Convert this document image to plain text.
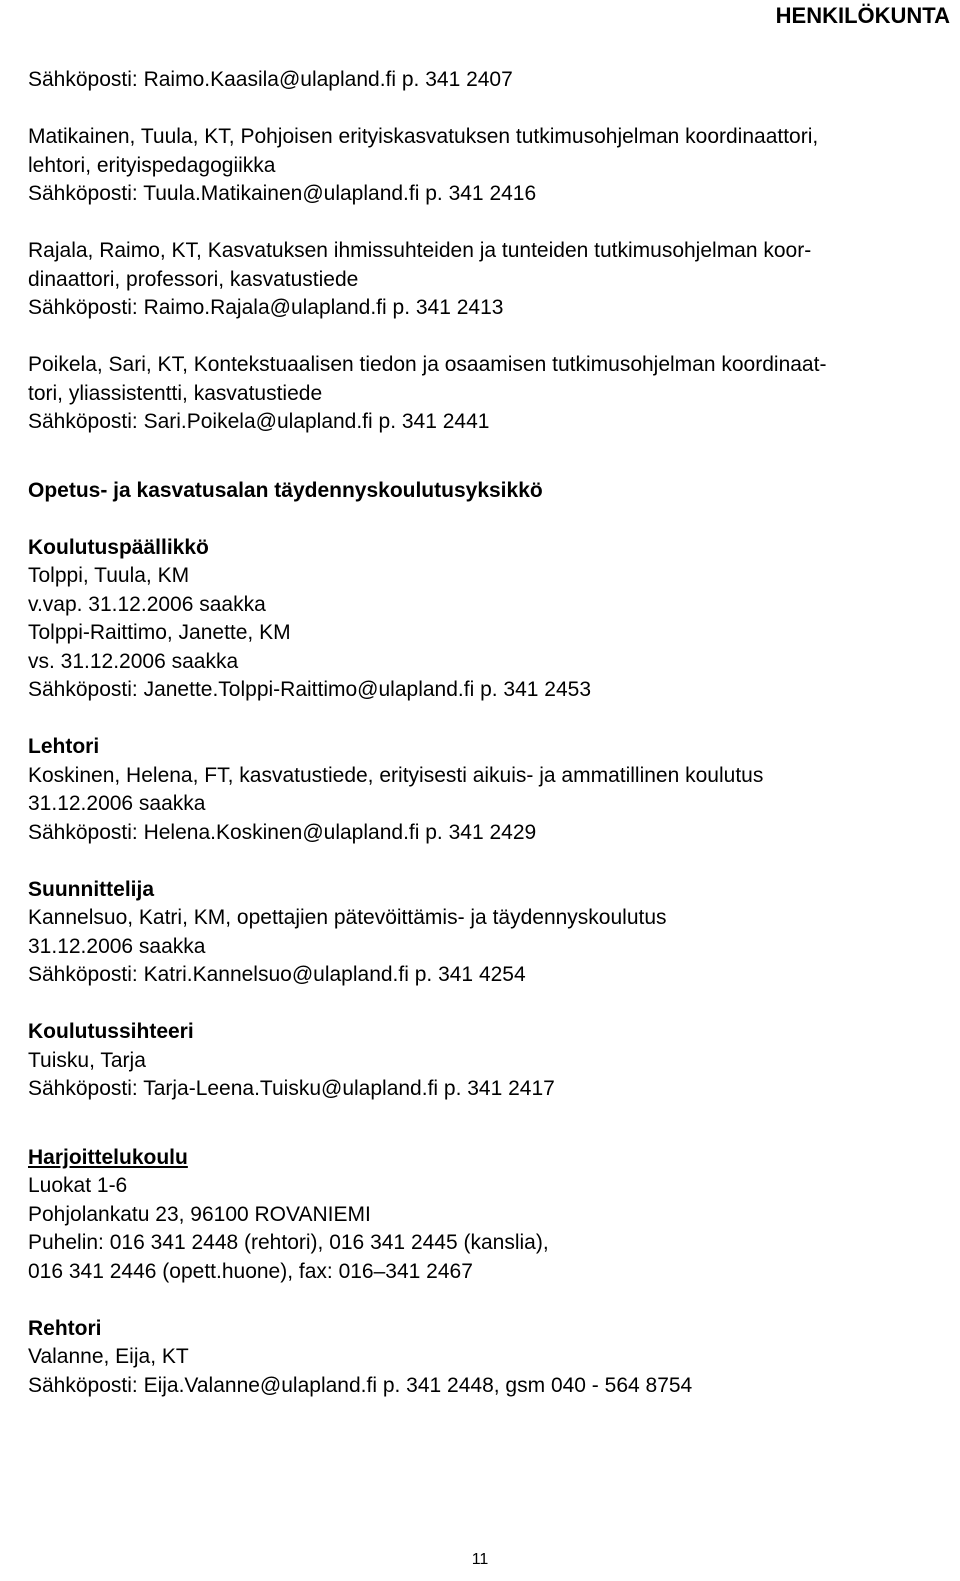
HENKILÖKUNTA
Sähköposti: Raimo.Kaasila@ulapland.fi p. 341 2407
Matikainen, Tuula, KT, Pohjoisen erityiskasvatuksen tutkimusohjelman koordinaattori,
lehtori, erityispedagogiikka
Sähköposti: Tuula.Matikainen@ulapland.fi p. 341 2416
Rajala, Raimo, KT, Kasvatuksen ihmissuhteiden ja tunteiden tutkimusohjelman koor-
dinaattori, professori, kasvatustiede
Sähköposti: Raimo.Rajala@ulapland.fi p. 341 2413
Poikela, Sari, KT, Kontekstuaalisen tiedon ja osaamisen tutkimusohjelman koordinaat-
tori, yliassistentti, kasvatustiede
Sähköposti: Sari.Poikela@ulapland.fi p. 341 2441
Opetus- ja kasvatusalan täydennyskoulutusyksikkö
Koulutuspäällikkö
Tolppi, Tuula, KM
v.vap. 31.12.2006 saakka
Tolppi-Raittimo, Janette, KM
vs. 31.12.2006 saakka
Sähköposti: Janette.Tolppi-Raittimo@ulapland.fi p. 341 2453
Lehtori
Koskinen, Helena, FT, kasvatustiede, erityisesti aikuis- ja ammatillinen koulutus
31.12.2006 saakka
Sähköposti: Helena.Koskinen@ulapland.fi p. 341 2429
Suunnittelija
Kannelsuo, Katri, KM, opettajien pätevöittämis- ja täydennyskoulutus
31.12.2006 saakka
Sähköposti: Katri.Kannelsuo@ulapland.fi p. 341 4254
Koulutussihteeri
Tuisku, Tarja
Sähköposti: Tarja-Leena.Tuisku@ulapland.fi p. 341 2417
Harjoittelukoulu
Luokat 1-6
Pohjolankatu 23, 96100 ROVANIEMI
Puhelin: 016 341 2448 (rehtori), 016 341 2445 (kanslia),
016 341 2446 (opett.huone), fax: 016–341 2467
Rehtori
Valanne, Eija, KT
Sähköposti: Eija.Valanne@ulapland.fi p. 341 2448, gsm 040 - 564 8754
11
